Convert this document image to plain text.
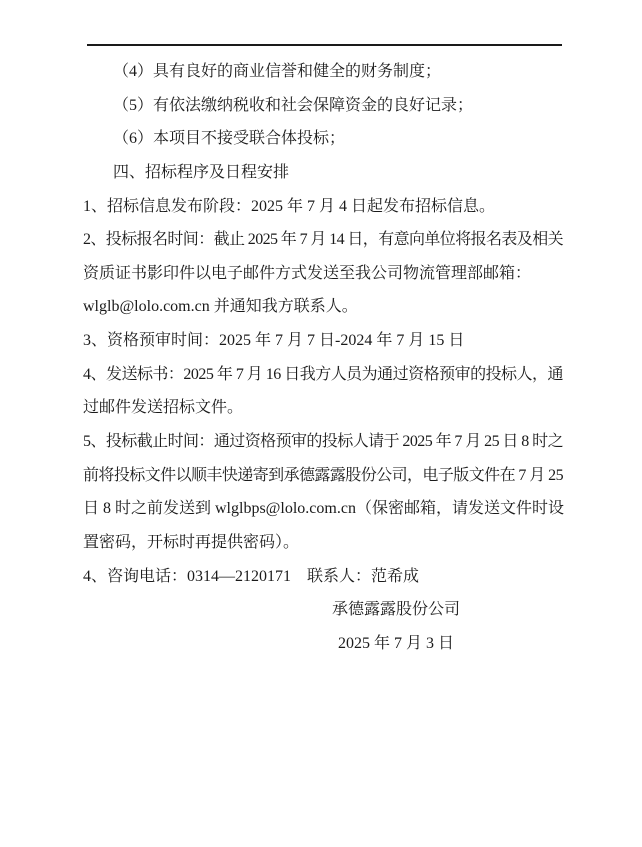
（4）具有良好的商业信誉和健全的财务制度；
（5）有依法缴纳税收和社会保障资金的良好记录；
（6）本项目不接受联合体投标；
四、招标程序及日程安排
1、招标信息发布阶段：2025 年 7 月 4 日起发布招标信息。
2、投标报名时间：截止 2025 年 7 月 14 日，有意向单位将报名表及相关
资质证书影印件以电子邮件方式发送至我公司物流管理部邮箱：
wlglb@lolo.com.cn 并通知我方联系人。
3、资格预审时间：2025 年 7 月 7 日-2024 年 7 月 15 日
4、发送标书：2025 年 7 月 16 日我方人员为通过资格预审的投标人，通
过邮件发送招标文件。
5、投标截止时间：通过资格预审的投标人请于 2025 年 7 月 25 日 8 时之
前将投标文件以顺丰快递寄到承德露露股份公司，电子版文件在 7 月 25
日 8 时之前发送到 wlglbps@lolo.com.cn（保密邮箱，请发送文件时设
置密码，开标时再提供密码）。
4、咨询电话：0314—2120171　联系人：范希成
承德露露股份公司
2025 年 7 月 3 日
